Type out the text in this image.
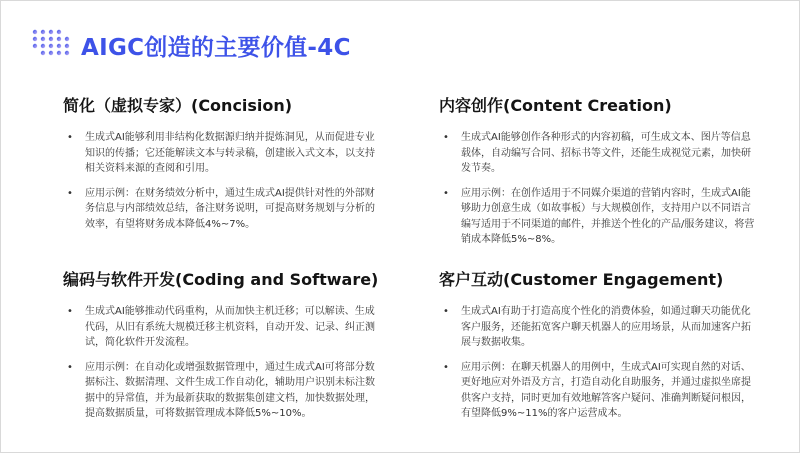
AIGC创造的主要价值-4C
简化（虚拟专家）(Concision)
• 生成式AI能够利用非结构化数据源归纳并提炼洞见，从而促进专业知识的传播；它还能解读文本与转录稿，创建嵌入式文本，以支持相关资料来源的查阅和引用。
• 应用示例：在财务绩效分析中，通过生成式AI提供针对性的外部财务信息与内部绩效总结，备注财务说明，可提高财务规划与分析的效率，有望将财务成本降低4%~7%。
内容创作(Content Creation)
• 生成式AI能够创作各种形式的内容初稿，可生成文本、图片等信息载体，自动编写合同、招标书等文件，还能生成视觉元素，加快研发节奏。
• 应用示例：在创作适用于不同媒介渠道的营销内容时，生成式AI能够助力创意生成（如故事板）与大规模创作，支持用户以不同语言编写适用于不同渠道的邮件，并推送个性化的产品/服务建议，将营销成本降低5%~8%。
编码与软件开发(Coding and Software)
• 生成式AI能够推动代码重构，从而加快主机迁移；可以解读、生成代码，从旧有系统大规模迁移主机资料，自动开发、记录、纠正测试，简化软件开发流程。
• 应用示例：在自动化或增强数据管理中，通过生成式AI可将部分数据标注、数据清理、文件生成工作自动化，辅助用户识别未标注数据中的异常值，并为最新获取的数据集创建文档，加快数据处理，提高数据质量，可将数据管理成本降低5%~10%。
客户互动(Customer Engagement)
• 生成式AI有助于打造高度个性化的消费体验，如通过聊天功能优化客户服务，还能拓宽客户聊天机器人的应用场景，从而加速客户拓展与数据收集。
• 应用示例：在聊天机器人的用例中，生成式AI可实现自然的对话、更好地应对外语及方言，打造自动化自助服务，并通过虚拟坐席提供客户支持，同时更加有效地解答客户疑问、准确判断疑问根因，有望降低9%~11%的客户运营成本。
